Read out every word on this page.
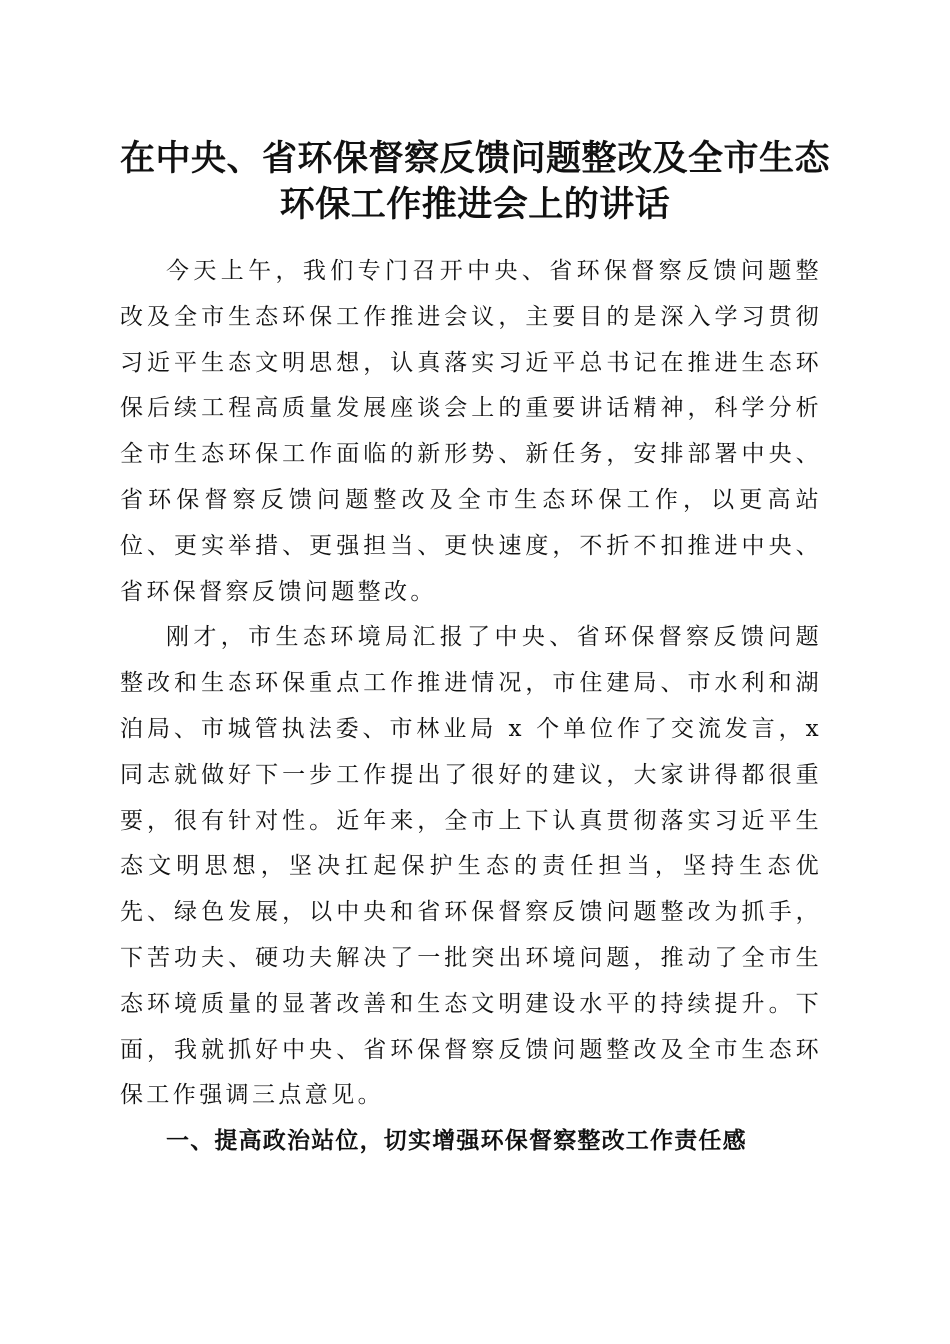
在中央、省环保督察反馈问题整改及全市生态
环保工作推进会上的讲话

今天上午，我们专门召开中央、省环保督察反馈问题整改及全市生态环保工作推进会议，主要目的是深入学习贯彻习近平生态文明思想，认真落实习近平总书记在推进生态环保后续工程高质量发展座谈会上的重要讲话精神，科学分析全市生态环保工作面临的新形势、新任务，安排部署中央、省环保督察反馈问题整改及全市生态环保工作，以更高站位、更实举措、更强担当、更快速度，不折不扣推进中央、省环保督察反馈问题整改。

刚才，市生态环境局汇报了中央、省环保督察反馈问题整改和生态环保重点工作推进情况，市住建局、市水利和湖泊局、市城管执法委、市林业局 x 个单位作了交流发言，x 同志就做好下一步工作提出了很好的建议，大家讲得都很重要，很有针对性。近年来，全市上下认真贯彻落实习近平生态文明思想，坚决扛起保护生态的责任担当，坚持生态优先、绿色发展，以中央和省环保督察反馈问题整改为抓手，下苦功夫、硬功夫解决了一批突出环境问题，推动了全市生态环境质量的显著改善和生态文明建设水平的持续提升。下面，我就抓好中央、省环保督察反馈问题整改及全市生态环保工作强调三点意见。

一、提高政治站位，切实增强环保督察整改工作责任感
